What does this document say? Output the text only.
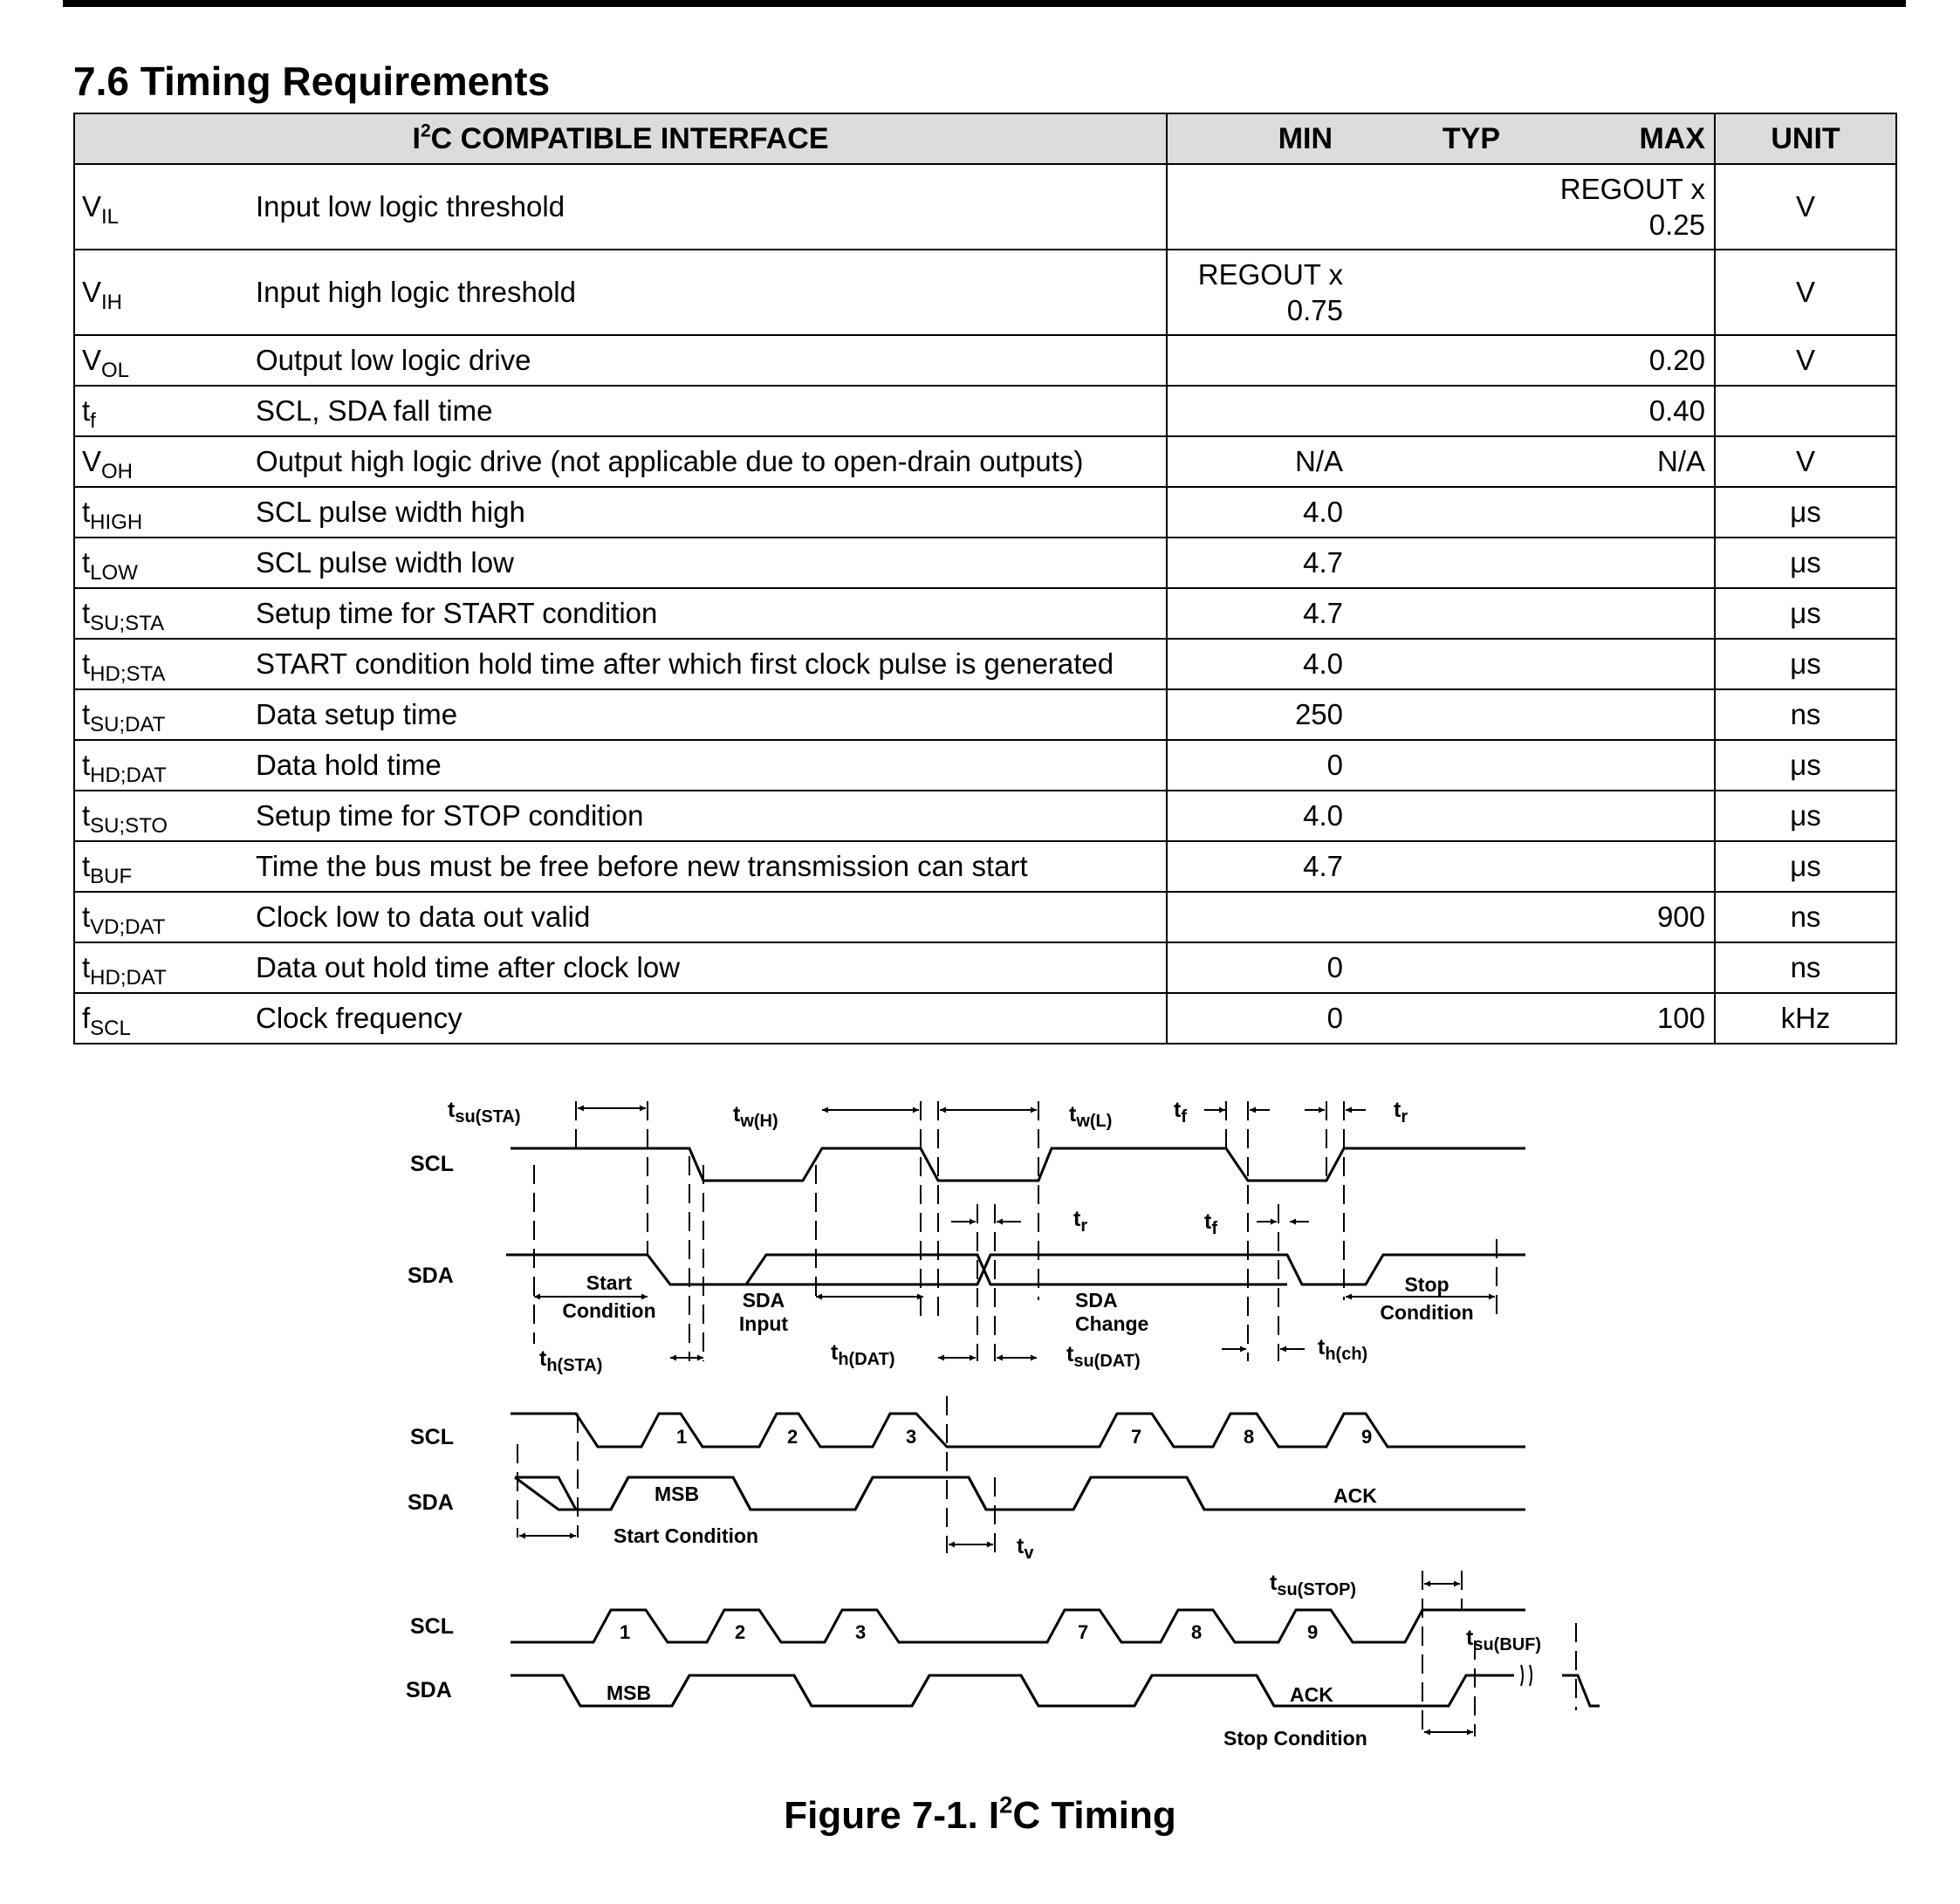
7.6 Timing Requirements
$I^2C$ COMPATIBLE INTERFACE		MIN	TYP	MAX	UNIT
$V_{IL}$	Input low logic threshold			REGOUT x
0.25	V
$V_{IH}$	Input high logic threshold	REGOUT x
0.75			V
$V_{OL}$	Output low logic drive			0.20	V
$t_f$	SCL, SDA fall time			0.40	
$V_{OH}$	Output high logic drive (not applicable due to open-drain outputs)	N/A		N/A	V
$t_{HIGH}$	SCL pulse width high	4.0			μs
$t_{LOW}$	SCL pulse width low	4.7			μs
$t_{SU;STA}$	Setup time for START condition	4.7			μs
$t_{HD;STA}$	START condition hold time after which first clock pulse is generated	4.0			μs
$t_{SU;DAT}$	Data setup time	250			ns
$t_{HD;DAT}$	Data hold time	0			μs
$t_{SU;STO}$	Setup time for STOP condition	4.0			μs
$t_{BUF}$	Time the bus must be free before new transmission can start	4.7			μs
$t_{VD;DAT}$	Clock low to data out valid			900	ns
$t_{HD;DAT}$	Data out hold time after clock low	0			ns
$f_{SCL}$	Clock frequency	0		100	kHz
SCL
SDA
SCL
SDA
SCL
SDA
$t_{su(STA)}$	$t_{w(H)}$	$t_{w(L)}$	$t_f$	$t_r$
$t_r$	$t_f$
$t_{h(STA)}$
$t_{h(DAT)}$	$t_{su(DAT)}$
$t_{h(ch)}$
Start
Condition	SDA
Input
SDA
Change
Stop
Condition
1	2	3	7	8	9
MSB	ACK
Start Condition	$t_v$
1	2	3	7	8	9
MSB	ACK
$t_{su(STOP)}$
$t_{su(BUF)}$
Stop Condition

Figure 7-1. $I^2C$ Timing
